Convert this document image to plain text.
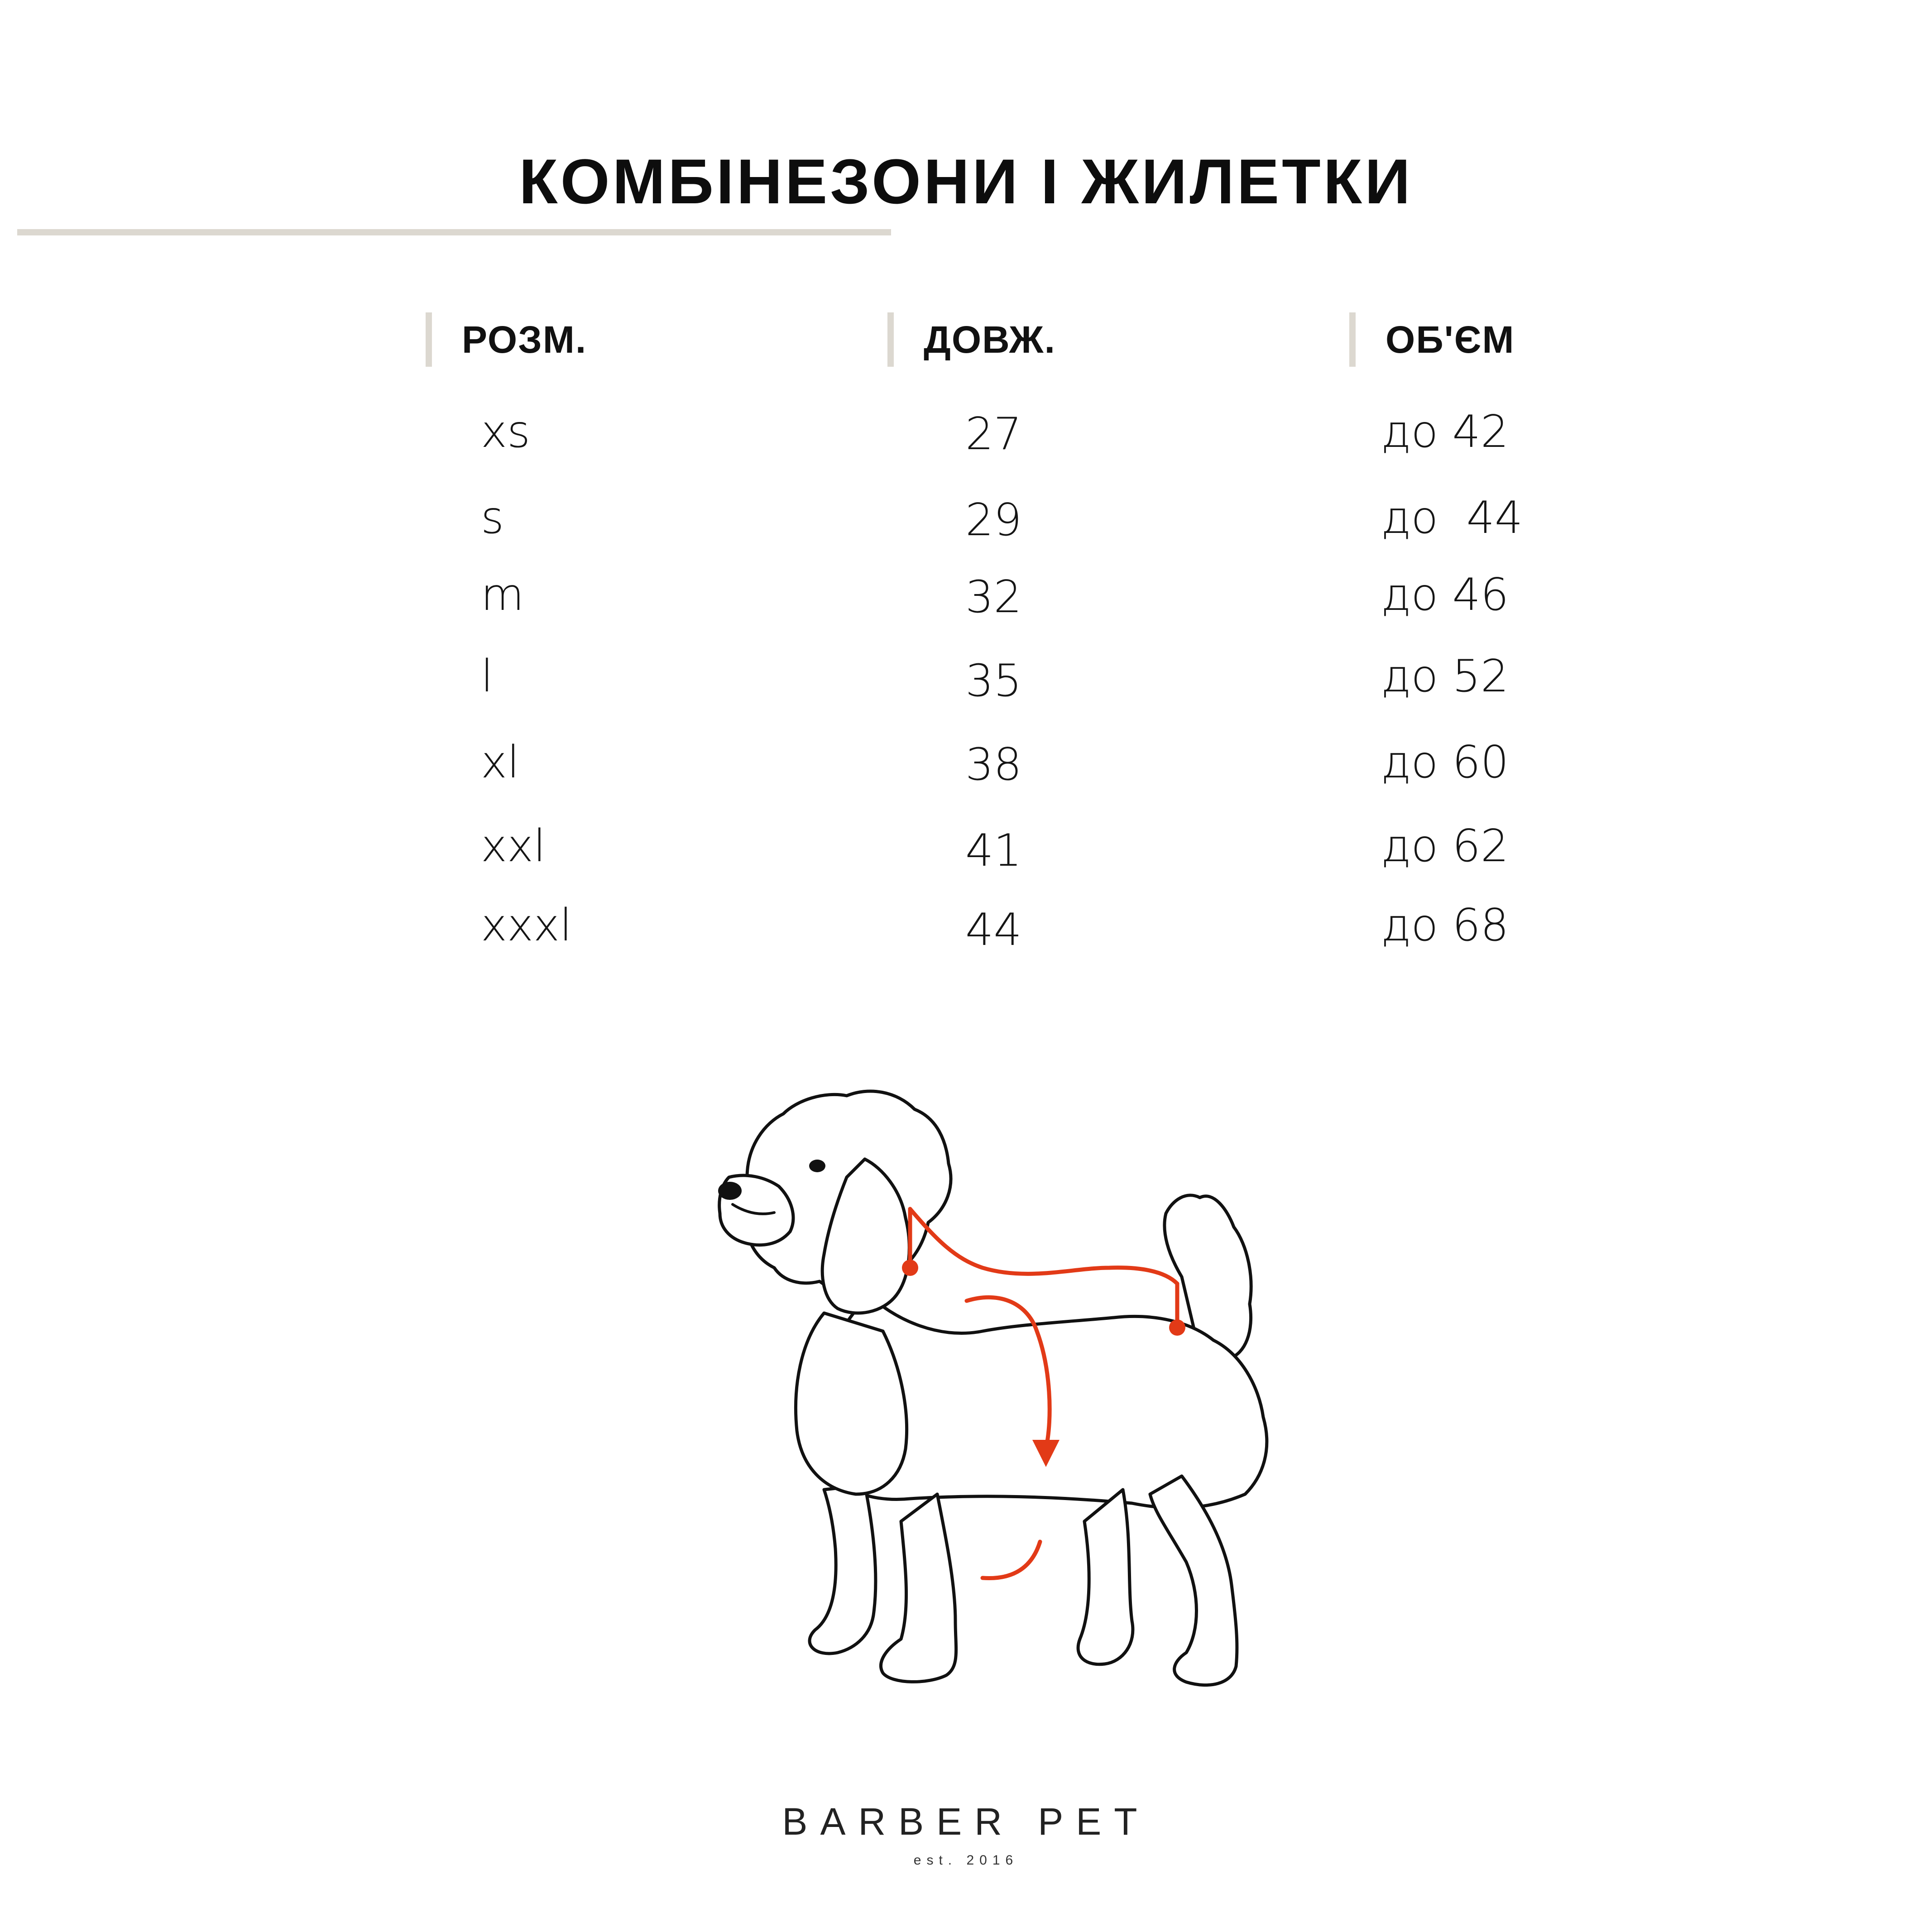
КОМБІНЕЗОНИ І ЖИЛЕТКИ
РОЗМ.	ДОВЖ.	ОБ'ЄМ
xs	27	до 42
s	29	до  44
m	32	до 46
l	35	до 52
xl	38	до 60
xxl	41	до 62
xxxl	44	до 68
BARBER PET
est. 2016
